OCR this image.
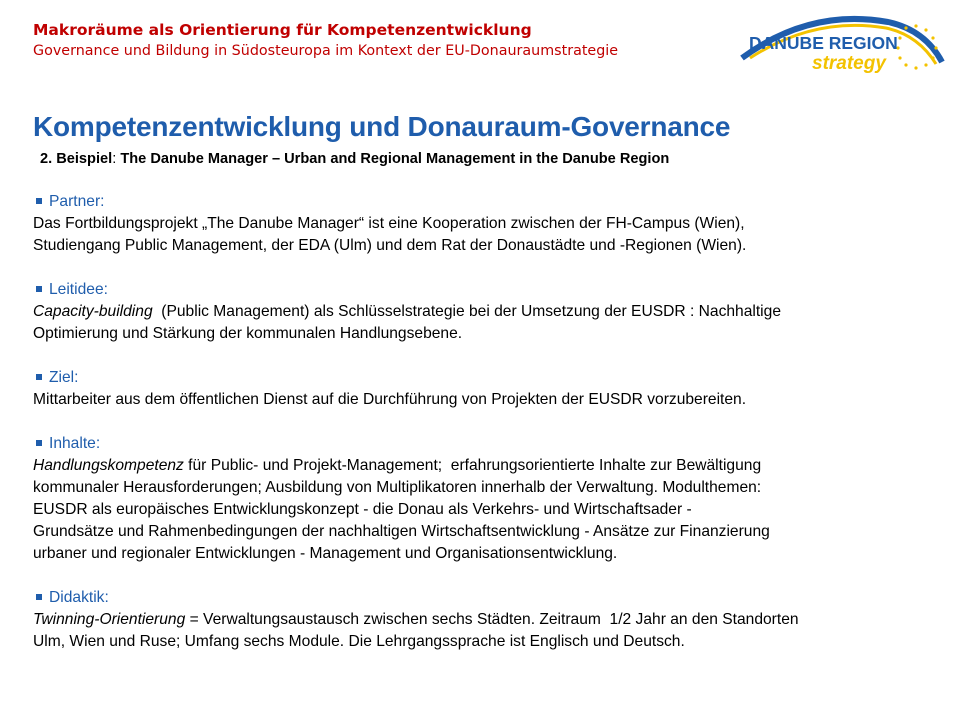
Makroräume als Orientierung für Kompetenzentwicklung
Governance und Bildung in Südosteuropa im Kontext der EU-Donauraumstrategie	DANUBE REGION
strategy
Kompetenzentwicklung und Donauraum-Governance
2. Beispiel: The Danube Manager – Urban and Regional Management in the Danube Region
Partner:
Das Fortbildungsprojekt „The Danube Manager“ ist eine Kooperation zwischen der FH-Campus (Wien),
Studiengang Public Management, der EDA (Ulm) und dem Rat der Donaustädte und -Regionen (Wien).
Leitidee:
Capacity-building  (Public Management) als Schlüsselstrategie bei der Umsetzung der EUSDR : Nachhaltige
Optimierung und Stärkung der kommunalen Handlungsebene.
Ziel:
Mittarbeiter aus dem öffentlichen Dienst auf die Durchführung von Projekten der EUSDR vorzubereiten.
Inhalte:
Handlungskompetenz für Public- und Projekt-Management;  erfahrungsorientierte Inhalte zur Bewältigung
kommunaler Herausforderungen; Ausbildung von Multiplikatoren innerhalb der Verwaltung. Modulthemen:
EUSDR als europäisches Entwicklungskonzept - die Donau als Verkehrs- und Wirtschaftsader -
Grundsätze und Rahmenbedingungen der nachhaltigen Wirtschaftsentwicklung - Ansätze zur Finanzierung
urbaner und regionaler Entwicklungen - Management und Organisationsentwicklung.
Didaktik:
Twinning-Orientierung = Verwaltungsaustausch zwischen sechs Städten. Zeitraum  1/2 Jahr an den Standorten
Ulm, Wien und Ruse; Umfang sechs Module. Die Lehrgangssprache ist Englisch und Deutsch.
